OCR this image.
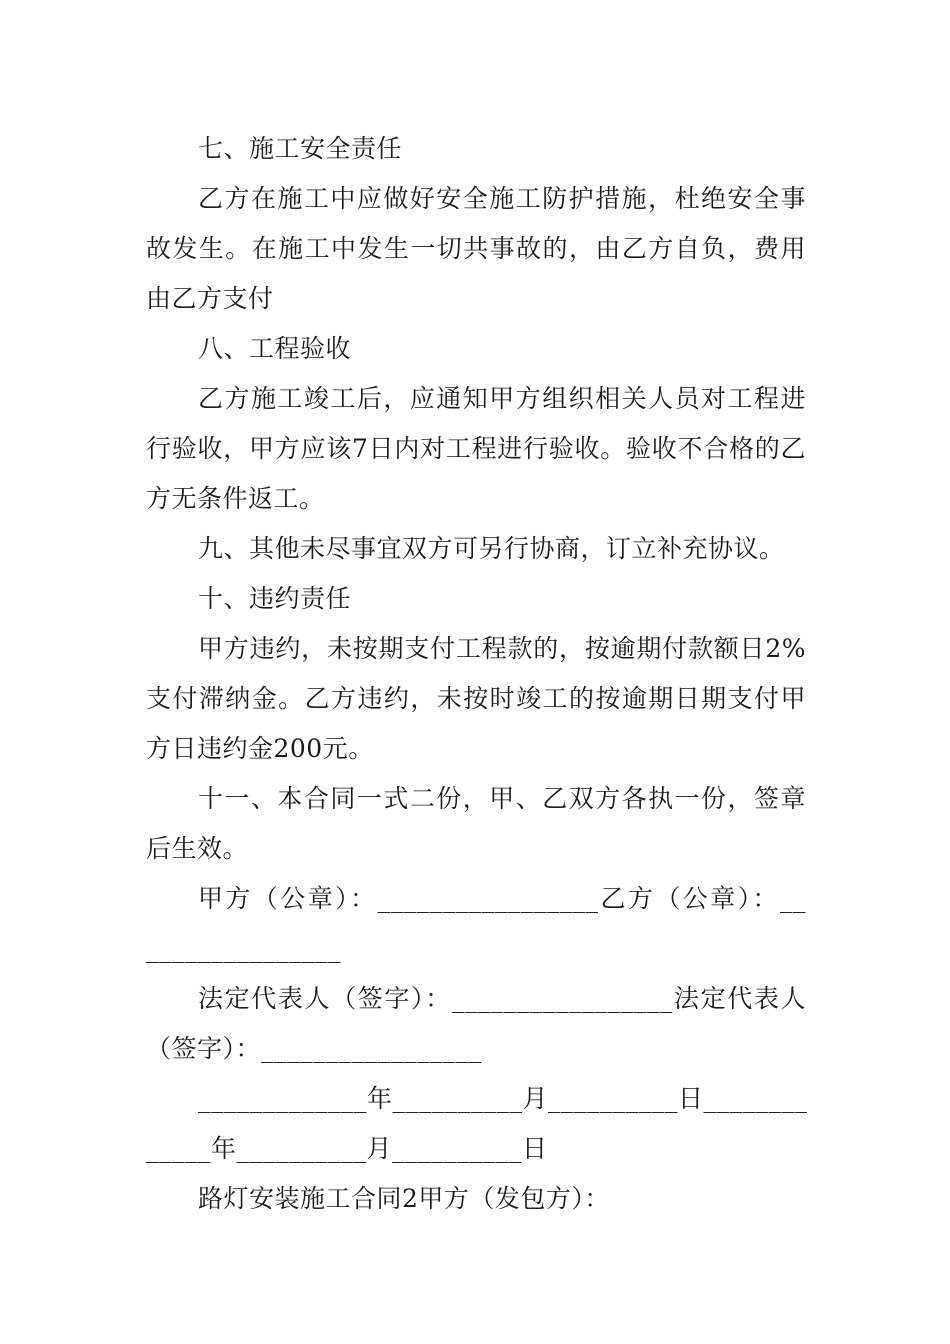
七、施工安全责任
乙方在施工中应做好安全施工防护措施，杜绝安全事
故发生。在施工中发生一切共事故的，由乙方自负，费用
由乙方支付
八、工程验收
乙方施工竣工后，应通知甲方组织相关人员对工程进
行验收，甲方应该7日内对工程进行验收。验收不合格的乙
方无条件返工。
九、其他未尽事宜双方可另行协商，订立补充协议。
十、违约责任
甲方违约，未按期支付工程款的，按逾期付款额日2%
支付滞纳金。乙方违约，未按时竣工的按逾期日期支付甲
方日违约金200元。
十一、本合同一式二份，甲、乙双方各执一份，签章
后生效。
甲方（公章）：_________________乙方（公章）：__
_______________
法定代表人（签字）：_________________法定代表人
（签字）：_________________
_____________年__________月__________日________
_____年__________月__________日
路灯安装施工合同2甲方（发包方）：
